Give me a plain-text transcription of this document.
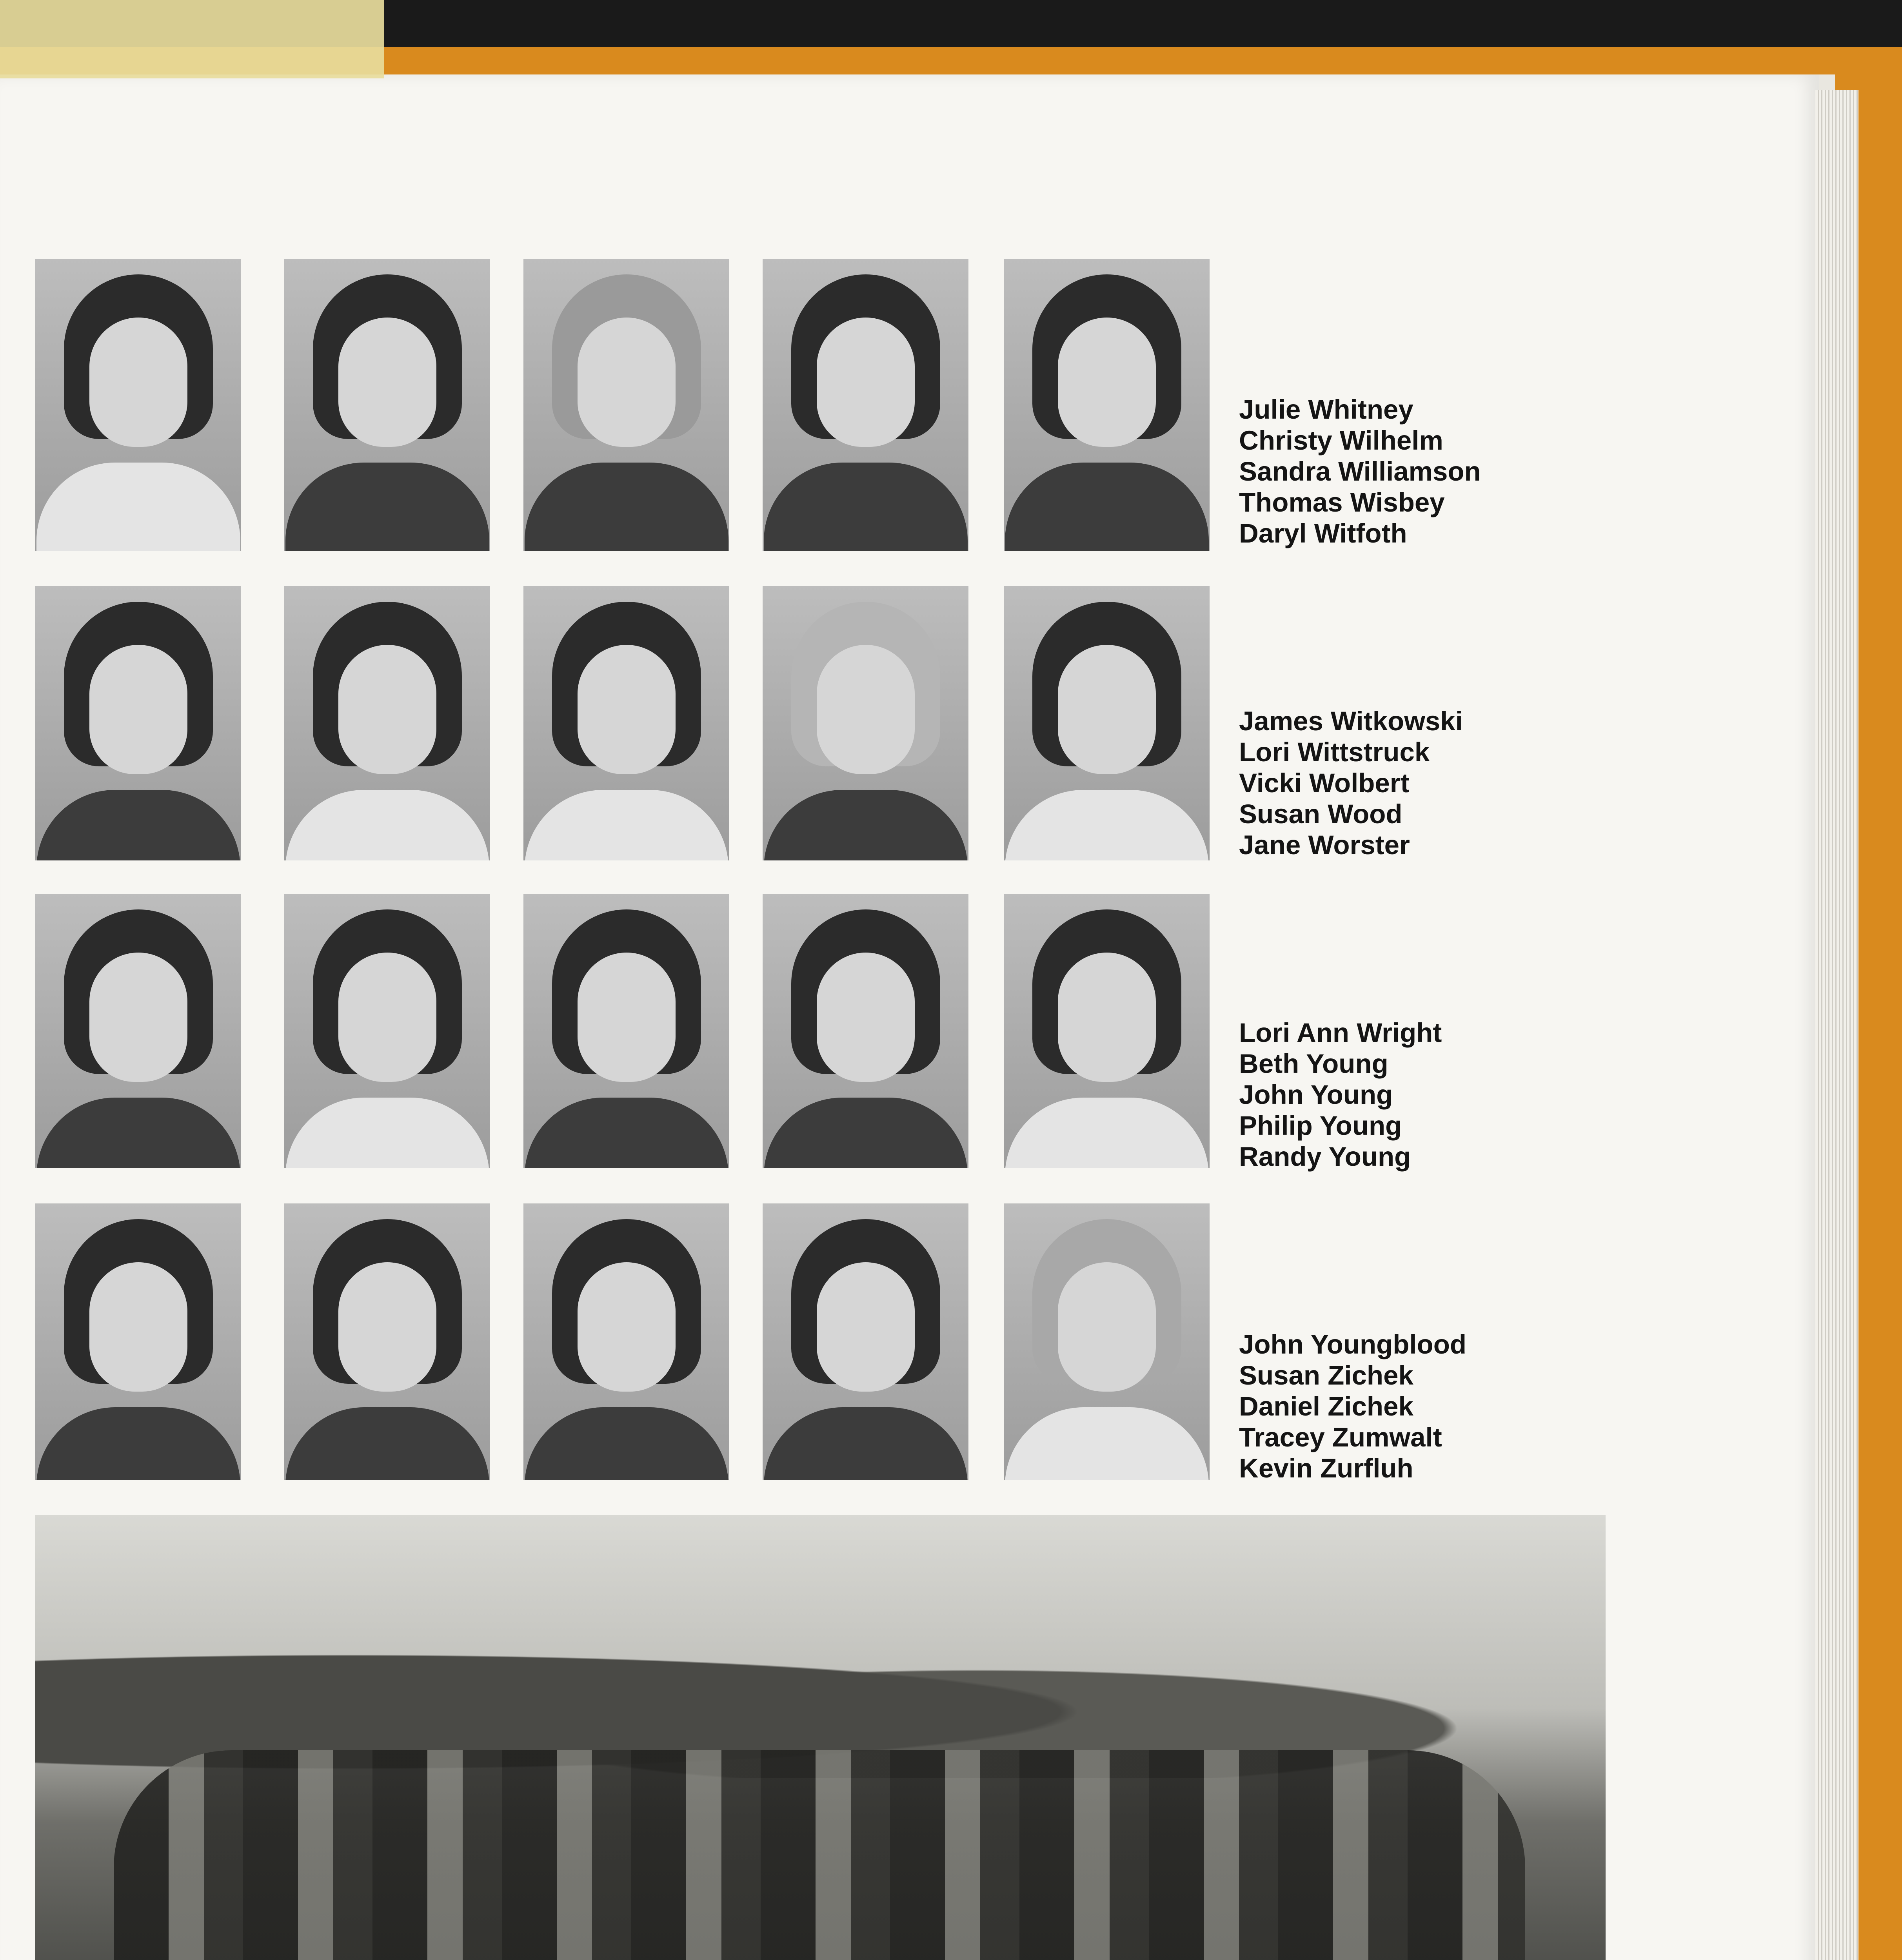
Julie Whitney
Christy Wilhelm
Sandra Williamson
Thomas Wisbey
Daryl Witfoth
James Witkowski
Lori Wittstruck
Vicki Wolbert
Susan Wood
Jane Worster
Lori Ann Wright
Beth Young
John Young
Philip Young
Randy Young
John Youngblood
Susan Zichek
Daniel Zichek
Tracey Zumwalt
Kevin Zurfluh
